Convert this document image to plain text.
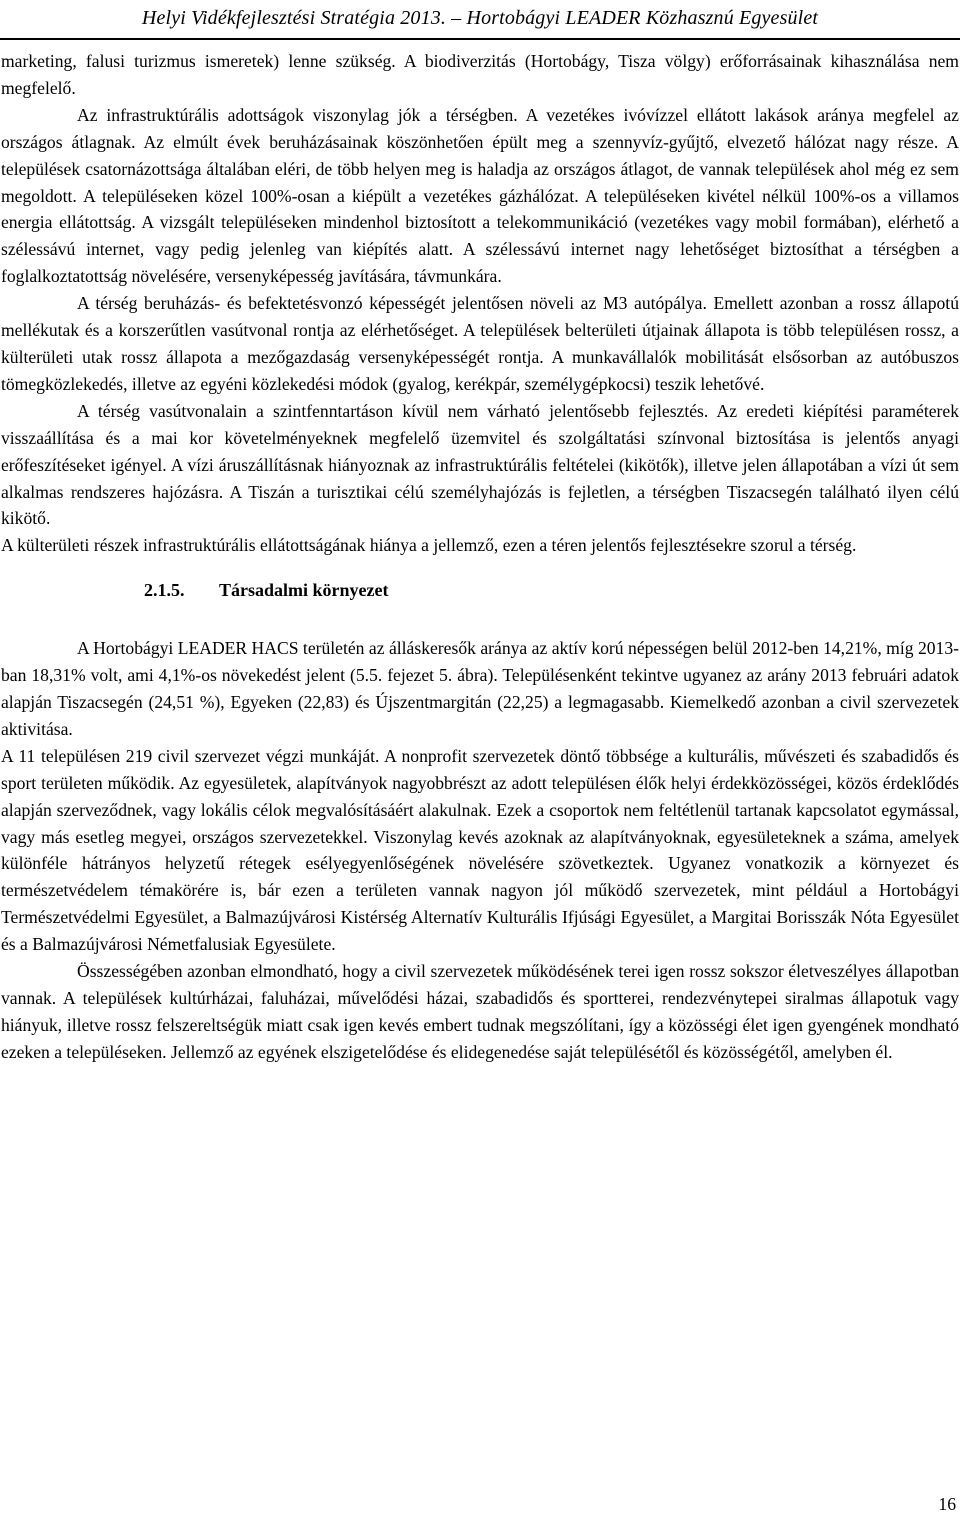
Helyi Vidékfejlesztési Stratégia 2013. – Hortobágyi LEADER Közhasznú Egyesület

marketing, falusi turizmus ismeretek) lenne szükség. A biodiverzitás (Hortobágy, Tisza völgy) erőforrásainak kihasználása nem megfelelő.

Az infrastruktúrális adottságok viszonylag jók a térségben. A vezetékes ivóvízzel ellátott lakások aránya megfelel az országos átlagnak. Az elmúlt évek beruházásainak köszönhetően épült meg a szennyvíz-gyűjtő, elvezető hálózat nagy része. A települések csatornázottsága általában eléri, de több helyen meg is haladja az országos átlagot, de vannak települések ahol még ez sem megoldott. A településeken közel 100%-osan a kiépült a vezetékes gázhálózat. A településeken kivétel nélkül 100%-os a villamos energia ellátottság. A vizsgált településeken mindenhol biztosított a telekommunikáció (vezetékes vagy mobil formában), elérhető a szélessávú internet, vagy pedig jelenleg van kiépítés alatt. A szélessávú internet nagy lehetőséget biztosíthat a térségben a foglalkoztatottság növelésére, versenyképesség javítására, távmunkára.

A térség beruházás- és befektetésvonzó képességét jelentősen növeli az M3 autópálya. Emellett azonban a rossz állapotú mellékutak és a korszerűtlen vasútvonal rontja az elérhetőséget. A települések belterületi útjainak állapota is több településen rossz, a külterületi utak rossz állapota a mezőgazdaság versenyképességét rontja. A munkavállalók mobilitását elsősorban az autóbuszos tömegközlekedés, illetve az egyéni közlekedési módok (gyalog, kerékpár, személygépkocsi) teszik lehetővé.

A térség vasútvonalain a szintfenntartáson kívül nem várható jelentősebb fejlesztés. Az eredeti kiépítési paraméterek visszaállítása és a mai kor követelményeknek megfelelő üzemvitel és szolgáltatási színvonal biztosítása is jelentős anyagi erőfeszítéseket igényel. A vízi áruszállításnak hiányoznak az infrastruktúrális feltételei (kikötők), illetve jelen állapotában a vízi út sem alkalmas rendszeres hajózásra. A Tiszán a turisztikai célú személyhajózás is fejletlen, a térségben Tiszacsegén található ilyen célú kikötő.

A külterületi részek infrastruktúrális ellátottságának hiánya a jellemző, ezen a téren jelentős fejlesztésekre szorul a térség.

2.1.5. Társadalmi környezet

A Hortobágyi LEADER HACS területén az álláskeresők aránya az aktív korú népességen belül 2012-ben 14,21%, míg 2013-ban 18,31% volt, ami 4,1%-os növekedést jelent (5.5. fejezet 5. ábra). Településenként tekintve ugyanez az arány 2013 februári adatok alapján Tiszacsegén (24,51 %), Egyeken (22,83) és Újszentmargitán (22,25) a legmagasabb. Kiemelkedő azonban a civil szervezetek aktivitása.

A 11 településen 219 civil szervezet végzi munkáját. A nonprofit szervezetek döntő többsége a kulturális, művészeti és szabadidős és sport területen működik. Az egyesületek, alapítványok nagyobbrészt az adott településen élők helyi érdekközösségei, közös érdeklődés alapján szerveződnek, vagy lokális célok megvalósításáért alakulnak. Ezek a csoportok nem feltétlenül tartanak kapcsolatot egymással, vagy más esetleg megyei, országos szervezetekkel. Viszonylag kevés azoknak az alapítványoknak, egyesületeknek a száma, amelyek különféle hátrányos helyzetű rétegek esélyegyenlőségének növelésére szövetkeztek. Ugyanez vonatkozik a környezet és természetvédelem témakörére is, bár ezen a területen vannak nagyon jól működő szervezetek, mint például a Hortobágyi Természetvédelmi Egyesület, a Balmazújvárosi Kistérség Alternatív Kulturális Ifjúsági Egyesület, a Margitai Borisszák Nóta Egyesület és a Balmazújvárosi Németfalusiak Egyesülete.

Összességében azonban elmondható, hogy a civil szervezetek működésének terei igen rossz sokszor életveszélyes állapotban vannak. A települések kultúrházai, faluházai, művelődési házai, szabadidős és sportterei, rendezvénytерei siralmas állapotuk vagy hiányuk, illetve rossz felszereltségük miatt csak igen kevés embert tudnak megszólítani, így a közösségi élet igen gyengének mondható ezeken a településeken. Jellemző az egyének elszigetelődése és elidegenedése saját településétől és közösségétől, amelyben él.

16
